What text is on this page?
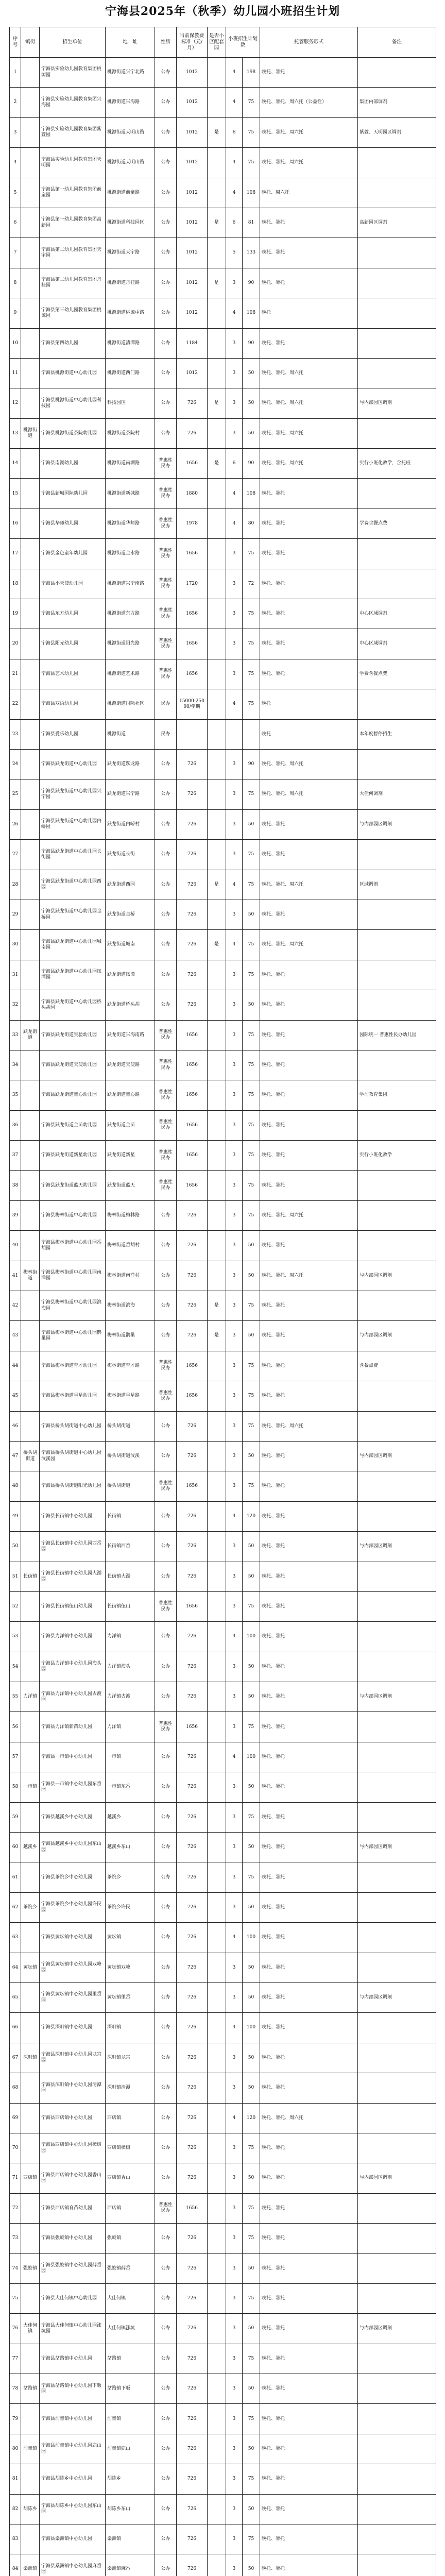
宁海县2025年（秋季）幼儿园小班招生计划
序号	镇街	招生单位	地　址	性质	当前保教费标准（元/月）	是否小区配套园	小班招生计划数		托管服务形式	备注
1		宁海县实验幼儿园教育集团桃源园	桃源街道兴宁北路	公办	1012		4	198	晚托、暑托	
2		宁海县实验幼儿园教育集团兴海园	桃源街道兴海路	公办	1012		4	75	晚托、暑托、周六托（公益性）	集团内部调剂
3		宁海县实验幼儿园教育集团紫萱园	桃源街道天明山路	公办	1012	是	6	75	晚托、暑托、周六托	紫萱、天明园区调剂
4		宁海县实验幼儿园教育集团天明园	桃源街道天明山路	公办	1012		4	75	晚托、暑托、周六托	
5		宁海县第一幼儿园教育集团前童园	桃源街道前童路	公办	1012		4	108	晚托、周六托	
6		宁海县第一幼儿园教育集团高新园	桃源街道科技园区	公办	1012	是	6	81	晚托、暑托	高新园区调剂
7		宁海县第二幼儿园教育集团天宇园	桃源街道天宇路	公办	1012		5	133	晚托、暑托	
8		宁海县第二幼儿园教育集团丹桂园	桃源街道丹桂路	公办	1012	是	3	90	晚托、暑托	
9		宁海县第三幼儿园教育集团桃源园	桃源街道桃源中路	公办	1012		4	108	晚托	
10		宁海县第四幼儿园	桃源街道清潭路	公办	1184		3	90	晚托、暑托	
11		宁海县桃源街道中心幼儿园	桃源街道西门路	公办	1012		3	50	晚托、暑托、周六托	
12		宁海县桃源街道中心幼儿园科技园	科技园区	公办	726	是	3	50	晚托、暑托、周六托	与内部园区调剂
13	桃源街道	宁海县桃源街道茶院幼儿园	桃源街道茶院村	公办	726		3	50	晚托、暑托、周六托	
14		宁海县南湖幼儿园	桃源街道南湖路	普惠性民办	1656	是	6	90	晚托、暑托、周六托	实行小班化教学，含托班
15		宁海县新城国际幼儿园	桃源街道新城路	普惠性民办	1880		4	108	晚托、暑托	
16		宁海县华师幼儿园	桃源街道华师路	普惠性民办	1978		4	80	晚托、暑托	学费含餐点费
17		宁海县金色童年幼儿园	桃源街道金水路	普惠性民办	1656		3	75	晚托、暑托	
18		宁海县小天使幼儿园	桃源街道兴宁南路	普惠性民办	1720		3	72	晚托、暑托	
19		宁海县东方幼儿园	桃源街道东方路	普惠性民办	1656		3	75	晚托、暑托	中心区域调剂
20		宁海县阳光幼儿园	桃源街道阳光路	普惠性民办	1656		3	75	晚托、暑托	中心区域调剂
21		宁海县艺术幼儿园	桃源街道艺术路	普惠性民办	1656		3	75	晚托、暑托	学费含餐点费
22		宁海县双语幼儿园	桃源街道国际社区	民办	15000-25000/学期		4	75	晚托	
23		宁海县爱乐幼儿园	桃源街道	民办					晚托	本年度暂停招生
24		宁海县跃龙街道中心幼儿园	跃龙街道跃龙路	公办	726		3	90	晚托、暑托、周六托	
25		宁海县跃龙街道中心幼儿园兴宁园	跃龙街道兴宁路	公办	726		3	75	晚托、暑托、周六托	大佳何调剂
26		宁海县跃龙街道中心幼儿园白峤园	跃龙街道白峤村	公办	726		3	50	晚托、暑托	与内部园区调剂
27		宁海县跃龙街道中心幼儿园长街园	跃龙街道长街	公办	726		3	75	晚托、暑托	
28		宁海县跃龙街道中心幼儿园西园	跃龙街道西园	公办	726	是	4	75	晚托、暑托、周六托	区域调剂
29		宁海县跃龙街道中心幼儿园金桥园	跃龙街道金桥	公办	726		3	50	晚托、暑托	
30		宁海县跃龙街道中心幼儿园城南园	跃龙街道城南	公办	726	是	4	75	晚托、暑托、周六托	
31		宁海县跃龙街道中心幼儿园凤潭园	跃龙街道凤潭	公办	726		3	75	晚托、暑托	
32		宁海县跃龙街道中心幼儿园桥头胡园	跃龙街道桥头胡	公办	726		3	50	晚托、暑托	
33	跃龙街道	宁海县跃龙街道实验幼儿园	跃龙街道兴海南路	普惠性民办	1656		3	75	晚托、暑托	园际统一 普惠性民办幼儿园
34		宁海县跃龙街道天使幼儿园	跃龙街道天使路	普惠性民办	1656		3	75	晚托、暑托	
35		宁海县跃龙街道童心幼儿园	跃龙街道童心路	普惠性民办	1656		3	75	晚托、暑托	学前教育集团
36		宁海县跃龙街道金苗幼儿园	跃龙街道金苗	普惠性民办	1656		3	75	晚托、暑托	
37		宁海县跃龙街道新星幼儿园	跃龙街道新星	普惠性民办	1656		3	75	晚托、暑托	实行小班化教学
38		宁海县跃龙街道蓝天幼儿园	跃龙街道蓝天	普惠性民办	1656		3	75	晚托、暑托	
39		宁海县梅林街道中心幼儿园	梅林街道梅林路	公办	726		3	75	晚托、暑托、周六托	
40		宁海县梅林街道中心幼儿园岙胡园	梅林街道岙胡村	公办	726		3	50	晚托、暑托	
41	梅林街道	宁海县梅林街道中心幼儿园南洋园	梅林街道南洋村	公办	726		3	50	晚托、暑托、周六托	与内部园区调剂
42		宁海县梅林街道中心幼儿园滨海园	梅林街道滨海	公办	726	是	3	75	晚托、暑托	
43		宁海县梅林街道中心幼儿园鹊巢园	梅林街道鹊巢	公办	726	是	3	50	晚托、暑托	与内部园区调剂
44		宁海县梅林街道育才幼儿园	梅林街道育才路	普惠性民办	1656		3	75	晚托、暑托	含餐点费
45		宁海县梅林街道星星幼儿园	梅林街道星星路	普惠性民办	1656		3	75	晚托、暑托	
46		宁海县桥头胡街道中心幼儿园	桥头胡街道	公办	726		3	75	晚托、暑托、周六托	
47	桥头胡街道	宁海县桥头胡街道中心幼儿园汶溪园	桥头胡街道汶溪	公办	726		3	50	晚托、暑托	与内部园区调剂
48		宁海县桥头胡街道阳光幼儿园	桥头胡街道	普惠性民办	1656		3	75	晚托、暑托	
49		宁海县长街镇中心幼儿园	长街镇	公办	726		4	120	晚托、暑托	
50		宁海县长街镇中心幼儿园西岙园	长街镇西岙	公办	726		3	50	晚托、暑托	与内部园区调剂
51	长街镇	宁海县长街镇中心幼儿园大湖园	长街镇大湖	公办	726		3	50	晚托、暑托	
52		宁海县长街镇伍山幼儿园	长街镇伍山	普惠性民办	1656		3	75	晚托、暑托	
53		宁海县力洋镇中心幼儿园	力洋镇	公办	726		4	100	晚托、暑托	
54		宁海县力洋镇中心幼儿园海头园	力洋镇海头	公办	726		3	50	晚托、暑托	
55	力洋镇	宁海县力洋镇中心幼儿园古渡园	力洋镇古渡	公办	726		3	50	晚托、暑托	与内部园区调剂
56		宁海县力洋镇新苗幼儿园	力洋镇	普惠性民办	1656		3	75	晚托、暑托	
57		宁海县一市镇中心幼儿园	一市镇	公办	726		4	100	晚托、暑托	
58	一市镇	宁海县一市镇中心幼儿园东岙园	一市镇东岙	公办	726		3	50	晚托、暑托	
59		宁海县越溪乡中心幼儿园	越溪乡	公办	726		3	75	晚托、暑托	
60	越溪乡	宁海县越溪乡中心幼儿园东山园	越溪乡东山	公办	726		3	50	晚托、暑托	与内部园区调剂
61		宁海县茶院乡中心幼儿园	茶院乡	公办	726		3	75	晚托、暑托	
62	茶院乡	宁海县茶院乡中心幼儿园许民园	茶院乡许民	公办	726		3	50	晚托、暑托	
63		宁海县黄坛镇中心幼儿园	黄坛镇	公办	726		4	100	晚托、暑托	
64	黄坛镇	宁海县黄坛镇中心幼儿园双峰园	黄坛镇双峰	公办	726		3	50	晚托、暑托	
65		宁海县黄坛镇中心幼儿园里岙园	黄坛镇里岙	公办	726		3	50	晚托、暑托	与内部园区调剂
66		宁海县深甽镇中心幼儿园	深甽镇	公办	726		4	100	晚托、暑托	
67	深甽镇	宁海县深甽镇中心幼儿园龙宫园	深甽镇龙宫	公办	726		3	50	晚托、暑托	
68		宁海县深甽镇中心幼儿园清潭园	深甽镇清潭	公办	726		3	50	晚托、暑托	
69		宁海县西店镇中心幼儿园	西店镇	公办	726		4	120	晚托、暑托、周六托	
70		宁海县西店镇中心幼儿园樟树园	西店镇樟树	公办	726		3	75	晚托、暑托	
71	西店镇	宁海县西店镇中心幼儿园香山园	西店镇香山	公办	726		3	50	晚托、暑托	与内部园区调剂
72		宁海县西店镇育苗幼儿园	西店镇	普惠性民办	1656		3	75	晚托、暑托	
73		宁海县强蛟镇中心幼儿园	强蛟镇	公办	726		3	75	晚托、暑托	
74	强蛟镇	宁海县强蛟镇中心幼儿园薛岙园	强蛟镇薛岙	公办	726		3	50	晚托、暑托	
75		宁海县大佳何镇中心幼儿园	大佳何镇	公办	726		3	75	晚托、暑托	
76	大佳何镇	宁海县大佳何镇中心幼儿园涨坑园	大佳何镇涨坑	公办	726		3	50	晚托、暑托	与内部园区调剂
77		宁海县岔路镇中心幼儿园	岔路镇	公办	726		3	75	晚托、暑托	
78	岔路镇	宁海县岔路镇中心幼儿园下畈园	岔路镇下畈	公办	726		3	50	晚托、暑托	
79		宁海县前童镇中心幼儿园	前童镇	公办	726		3	75	晚托、暑托	
80	前童镇	宁海县前童镇中心幼儿园鹿山园	前童镇鹿山	公办	726		3	50	晚托、暑托	
81		宁海县胡陈乡中心幼儿园	胡陈乡	公办	726		3	75	晚托、暑托	
82	胡陈乡	宁海县胡陈乡中心幼儿园东山园	胡陈乡东山	公办	726		3	50	晚托、暑托	
83		宁海县桑洲镇中心幼儿园	桑洲镇	公办	726		3	75	晚托、暑托	
84	桑洲镇	宁海县桑洲镇中心幼儿园麻岙园	桑洲镇麻岙	公办	726		3	50	晚托、暑托	
